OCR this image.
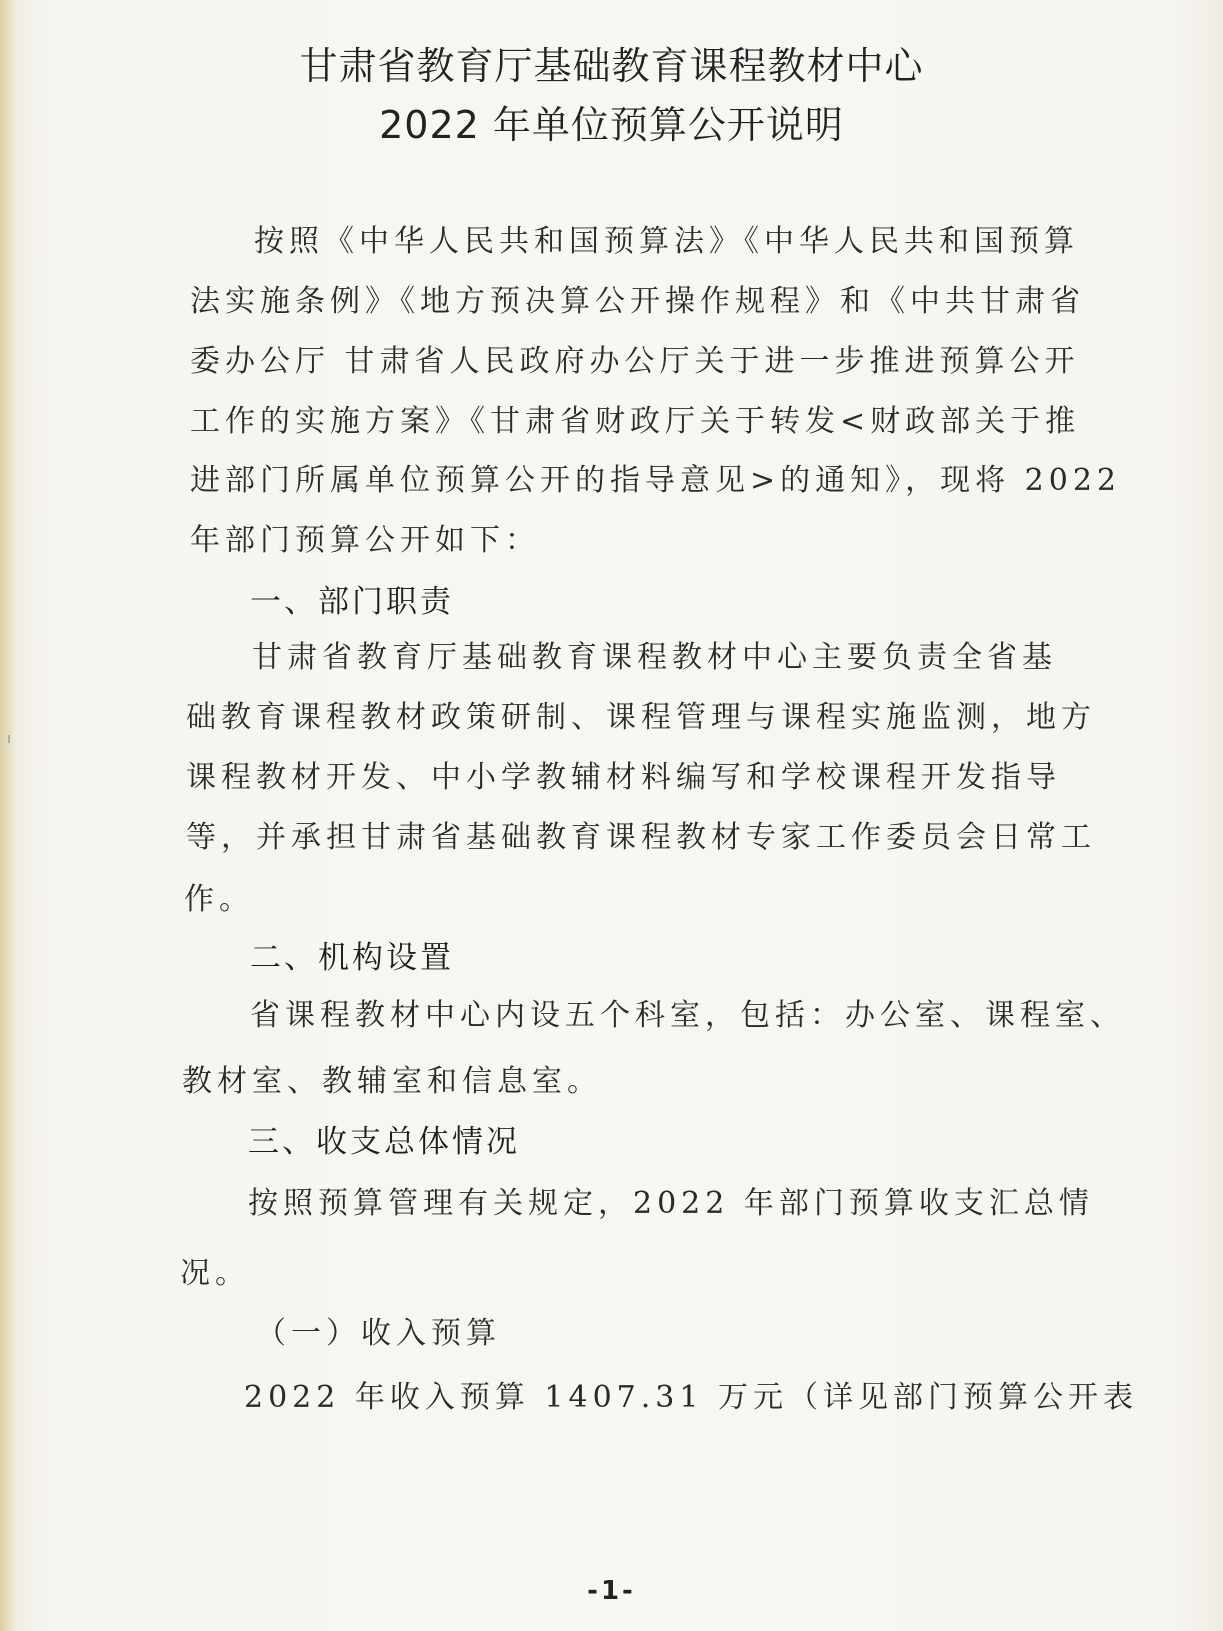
甘肃省教育厅基础教育课程教材中心
2022 年单位预算公开说明
按照《中华人民共和国预算法》《中华人民共和国预算
法实施条例》《地方预决算公开操作规程》和《中共甘肃省
委办公厅 甘肃省人民政府办公厅关于进一步推进预算公开
工作的实施方案》《甘肃省财政厅关于转发<财政部关于推
进部门所属单位预算公开的指导意见>的通知》，现将 2022
年部门预算公开如下：
一、部门职责
甘肃省教育厅基础教育课程教材中心主要负责全省基
础教育课程教材政策研制、课程管理与课程实施监测，地方
课程教材开发、中小学教辅材料编写和学校课程开发指导
等，并承担甘肃省基础教育课程教材专家工作委员会日常工
作。
二、机构设置
省课程教材中心内设五个科室，包括：办公室、课程室、
教材室、教辅室和信息室。
三、收支总体情况
按照预算管理有关规定，2022 年部门预算收支汇总情
况。
（一）收入预算
2022 年收入预算 1407.31 万元（详见部门预算公开表
-1-
